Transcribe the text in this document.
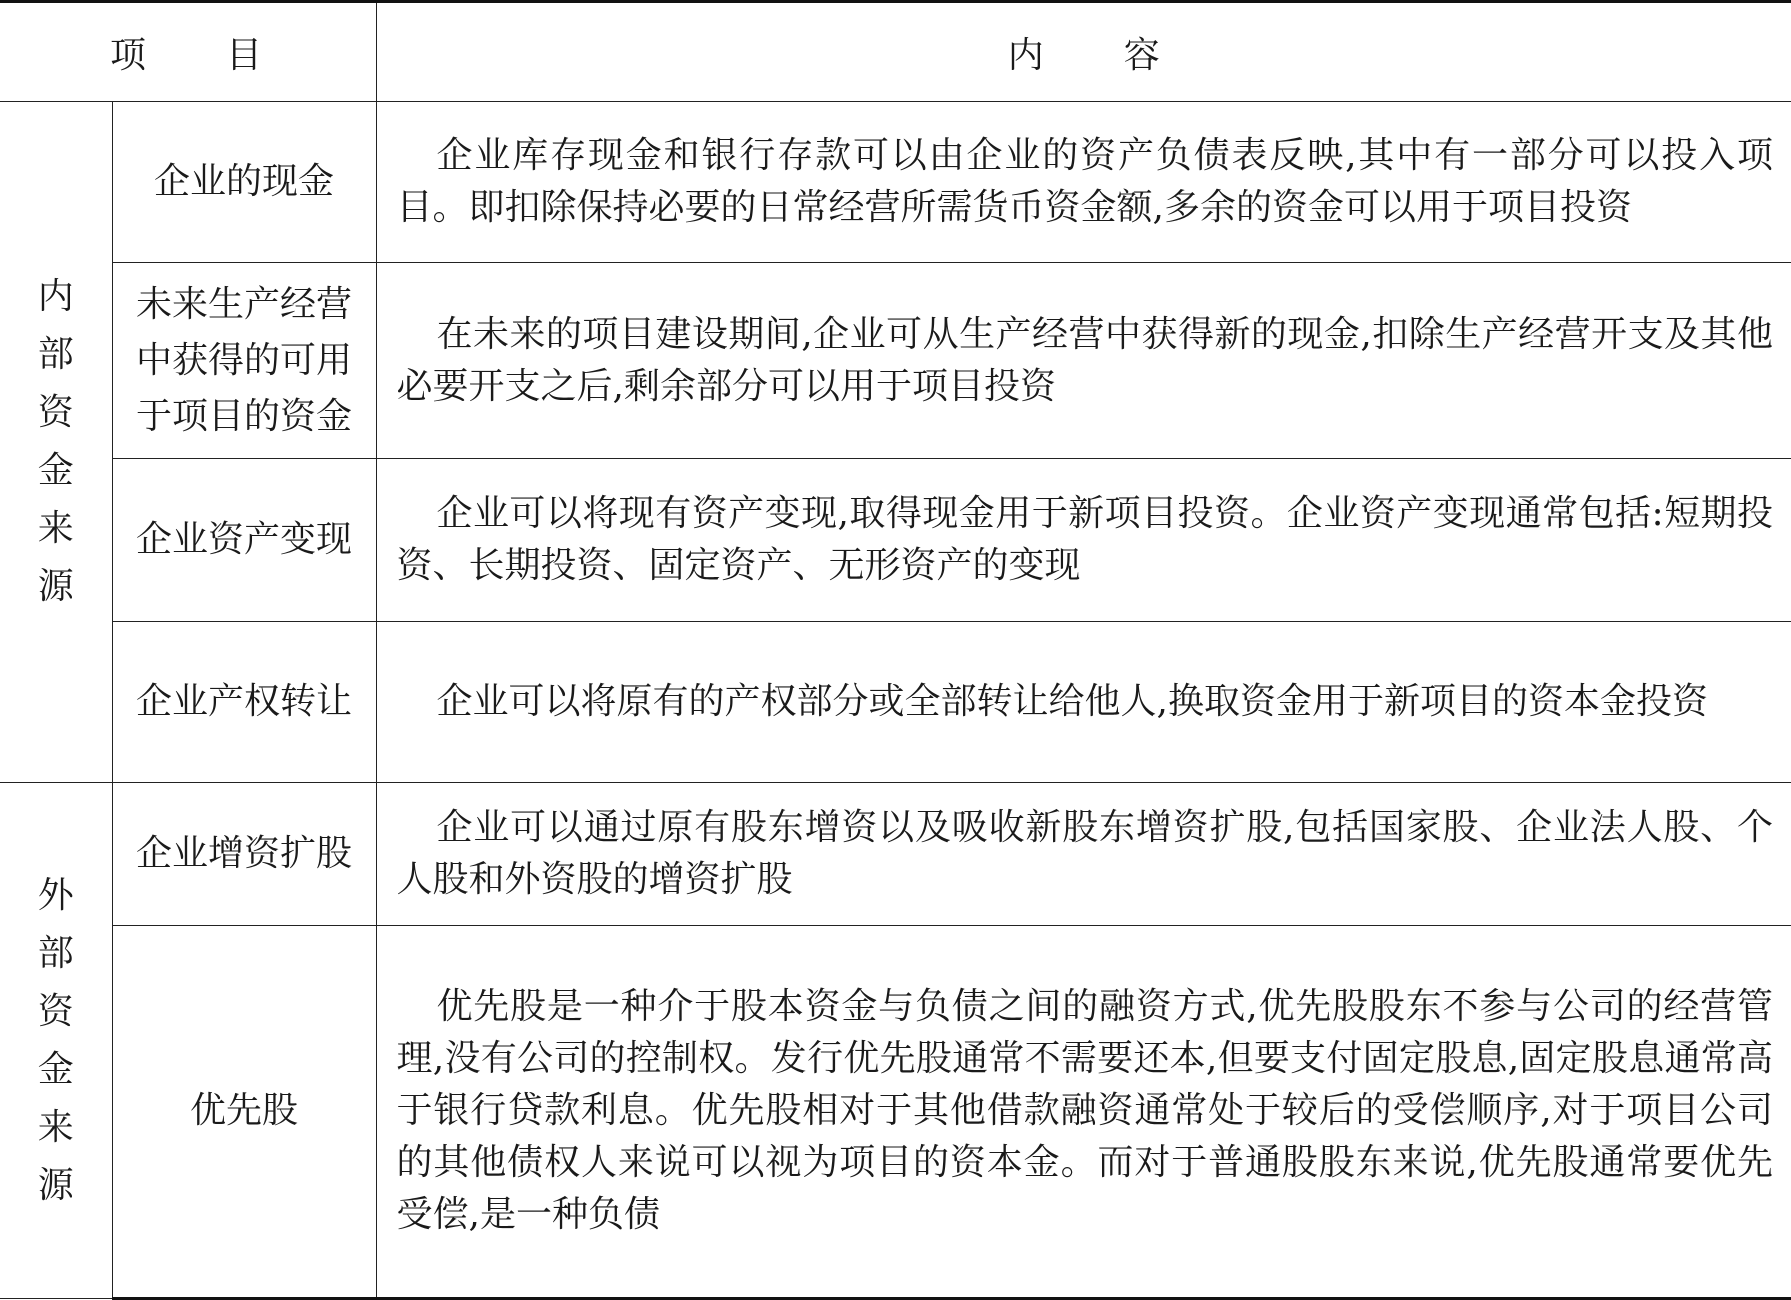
项 目		内 容
内部资金来源	企业的现金	企业库存现金和银行存款可以由企业的资产负债表反映,其中有一部分可以投入项目。即扣除保持必要的日常经营所需货币资金额,多余的资金可以用于项目投资

	未来生产经营中获得的可用于项目的资金	在未来的项目建设期间,企业可从生产经营中获得新的现金,扣除生产经营开支及其他必要开支之后,剩余部分可以用于项目投资

	企业资产变现	企业可以将现有资产变现,取得现金用于新项目投资。企业资产变现通常包括:短期投资、长期投资、固定资产、无形资产的变现

	企业产权转让	企业可以将原有的产权部分或全部转让给他人,换取资金用于新项目的资本金投资

外部资金来源	企业增资扩股	企业可以通过原有股东增资以及吸收新股东增资扩股,包括国家股、企业法人股、个人股和外资股的增资扩股

	优先股	优先股是一种介于股本资金与负债之间的融资方式,优先股股东不参与公司的经营管理,没有公司的控制权。发行优先股通常不需要还本,但要支付固定股息,固定股息通常高于银行贷款利息。优先股相对于其他借款融资通常处于较后的受偿顺序,对于项目公司的其他债权人来说可以视为项目的资本金。而对于普通股股东来说,优先股通常要优先受偿,是一种负债
